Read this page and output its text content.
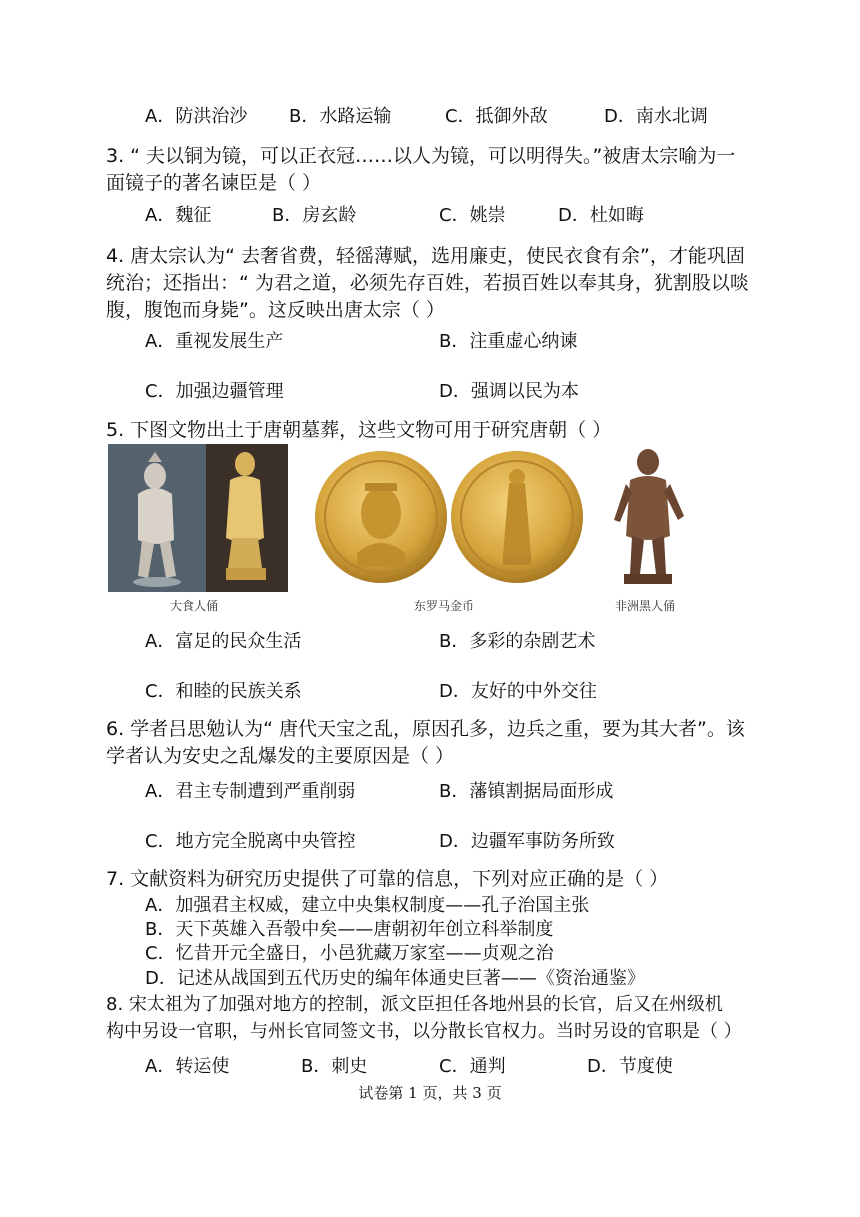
A．防洪治沙 B．水路运输	C．抵御外敌	D．南水北调
3. “ 夫以铜为镜，可以正衣冠……以人为镜，可以明得失。”被唐太宗喻为一
面镜子的著名谏臣是（ ）
A．魏征	B．房玄龄	C．姚崇	D．杜如晦
4. 唐太宗认为“ 去奢省费，轻徭薄赋，选用廉吏，使民衣食有余”，才能巩固
统治；还指出：“ 为君之道，必须先存百姓，若损百姓以奉其身，犹割股以啖
腹，腹饱而身毙”。这反映出唐太宗（ ）
A．重视发展生产	B．注重虚心纳谏
C．加强边疆管理	D．强调以民为本
5. 下图文物出土于唐朝墓葬，这些文物可用于研究唐朝（ ）
大食人俑	东罗马金币	非洲黑人俑
A．富足的民众生活	B．多彩的杂剧艺术
C．和睦的民族关系	D．友好的中外交往
6. 学者吕思勉认为“ 唐代天宝之乱，原因孔多，边兵之重，要为其大者”。该
学者认为安史之乱爆发的主要原因是（ ）
A．君主专制遭到严重削弱	B．藩镇割据局面形成
C．地方完全脱离中央管控	D．边疆军事防务所致
7. 文献资料为研究历史提供了可靠的信息，下列对应正确的是（ ）
A．加强君主权威，建立中央集权制度——孔子治国主张
B．天下英雄入吾彀中矣——唐朝初年创立科举制度
C．忆昔开元全盛日，小邑犹藏万家室——贞观之治
D．记述从战国到五代历史的编年体通史巨著——《资治通鉴》
8. 宋太祖为了加强对地方的控制，派文臣担任各地州县的长官，后又在州级机
构中另设一官职，与州长官同签文书，以分散长官权力。当时另设的官职是（ ）
A．转运使	B．刺史	C．通判	D．节度使
试卷第 1 页，共 3 页
